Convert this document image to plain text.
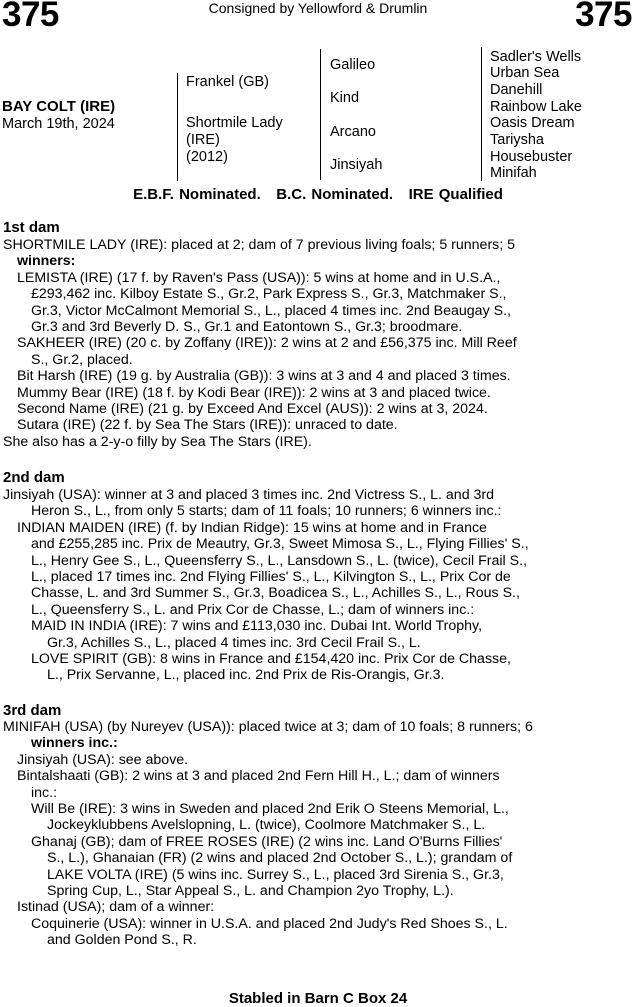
375	Consigned by Yellowford & Drumlin	375
BAY COLT (IRE)
March 19th, 2024
Frankel (GB)
Shortmile Lady
(IRE)
(2012)
Galileo
Kind
Arcano
Jinsiyah
Sadler's Wells
Urban Sea
Danehill
Rainbow Lake
Oasis Dream
Tariysha
Housebuster
Minifah
E.B.F. Nominated.   B.C. Nominated.   IRE Qualified
1st dam
SHORTMILE LADY (IRE): placed at 2; dam of 7 previous living foals; 5 runners; 5
winners:
LEMISTA (IRE) (17 f. by Raven's Pass (USA)): 5 wins at home and in U.S.A.,
£293,462 inc. Kilboy Estate S., Gr.2, Park Express S., Gr.3, Matchmaker S.,
Gr.3, Victor McCalmont Memorial S., L., placed 4 times inc. 2nd Beaugay S.,
Gr.3 and 3rd Beverly D. S., Gr.1 and Eatontown S., Gr.3; broodmare.
SAKHEER (IRE) (20 c. by Zoffany (IRE)): 2 wins at 2 and £56,375 inc. Mill Reef
S., Gr.2, placed.
Bit Harsh (IRE) (19 g. by Australia (GB)): 3 wins at 3 and 4 and placed 3 times.
Mummy Bear (IRE) (18 f. by Kodi Bear (IRE)): 2 wins at 3 and placed twice.
Second Name (IRE) (21 g. by Exceed And Excel (AUS)): 2 wins at 3, 2024.
Sutara (IRE) (22 f. by Sea The Stars (IRE)): unraced to date.
She also has a 2-y-o filly by Sea The Stars (IRE).
2nd dam
Jinsiyah (USA): winner at 3 and placed 3 times inc. 2nd Victress S., L. and 3rd
Heron S., L., from only 5 starts; dam of 11 foals; 10 runners; 6 winners inc.:
INDIAN MAIDEN (IRE) (f. by Indian Ridge): 15 wins at home and in France
and £255,285 inc. Prix de Meautry, Gr.3, Sweet Mimosa S., L., Flying Fillies' S.,
L., Henry Gee S., L., Queensferry S., L., Lansdown S., L. (twice), Cecil Frail S.,
L., placed 17 times inc. 2nd Flying Fillies' S., L., Kilvington S., L., Prix Cor de
Chasse, L. and 3rd Summer S., Gr.3, Boadicea S., L., Achilles S., L., Rous S.,
L., Queensferry S., L. and Prix Cor de Chasse, L.; dam of winners inc.:
MAID IN INDIA (IRE): 7 wins and £113,030 inc. Dubai Int. World Trophy,
Gr.3, Achilles S., L., placed 4 times inc. 3rd Cecil Frail S., L.
LOVE SPIRIT (GB): 8 wins in France and £154,420 inc. Prix Cor de Chasse,
L., Prix Servanne, L., placed inc. 2nd Prix de Ris-Orangis, Gr.3.
3rd dam
MINIFAH (USA) (by Nureyev (USA)): placed twice at 3; dam of 10 foals; 8 runners; 6
winners inc.:
Jinsiyah (USA): see above.
Bintalshaati (GB): 2 wins at 3 and placed 2nd Fern Hill H., L.; dam of winners
inc.:
Will Be (IRE): 3 wins in Sweden and placed 2nd Erik O Steens Memorial, L.,
Jockeyklubbens Avelslopning, L. (twice), Coolmore Matchmaker S., L.
Ghanaj (GB); dam of FREE ROSES (IRE) (2 wins inc. Land O'Burns Fillies'
S., L.), Ghanaian (FR) (2 wins and placed 2nd October S., L.); grandam of
LAKE VOLTA (IRE) (5 wins inc. Surrey S., L., placed 3rd Sirenia S., Gr.3,
Spring Cup, L., Star Appeal S., L. and Champion 2yo Trophy, L.).
Istinad (USA); dam of a winner:
Coquinerie (USA): winner in U.S.A. and placed 2nd Judy's Red Shoes S., L.
and Golden Pond S., R.
Stabled in Barn C Box 24
